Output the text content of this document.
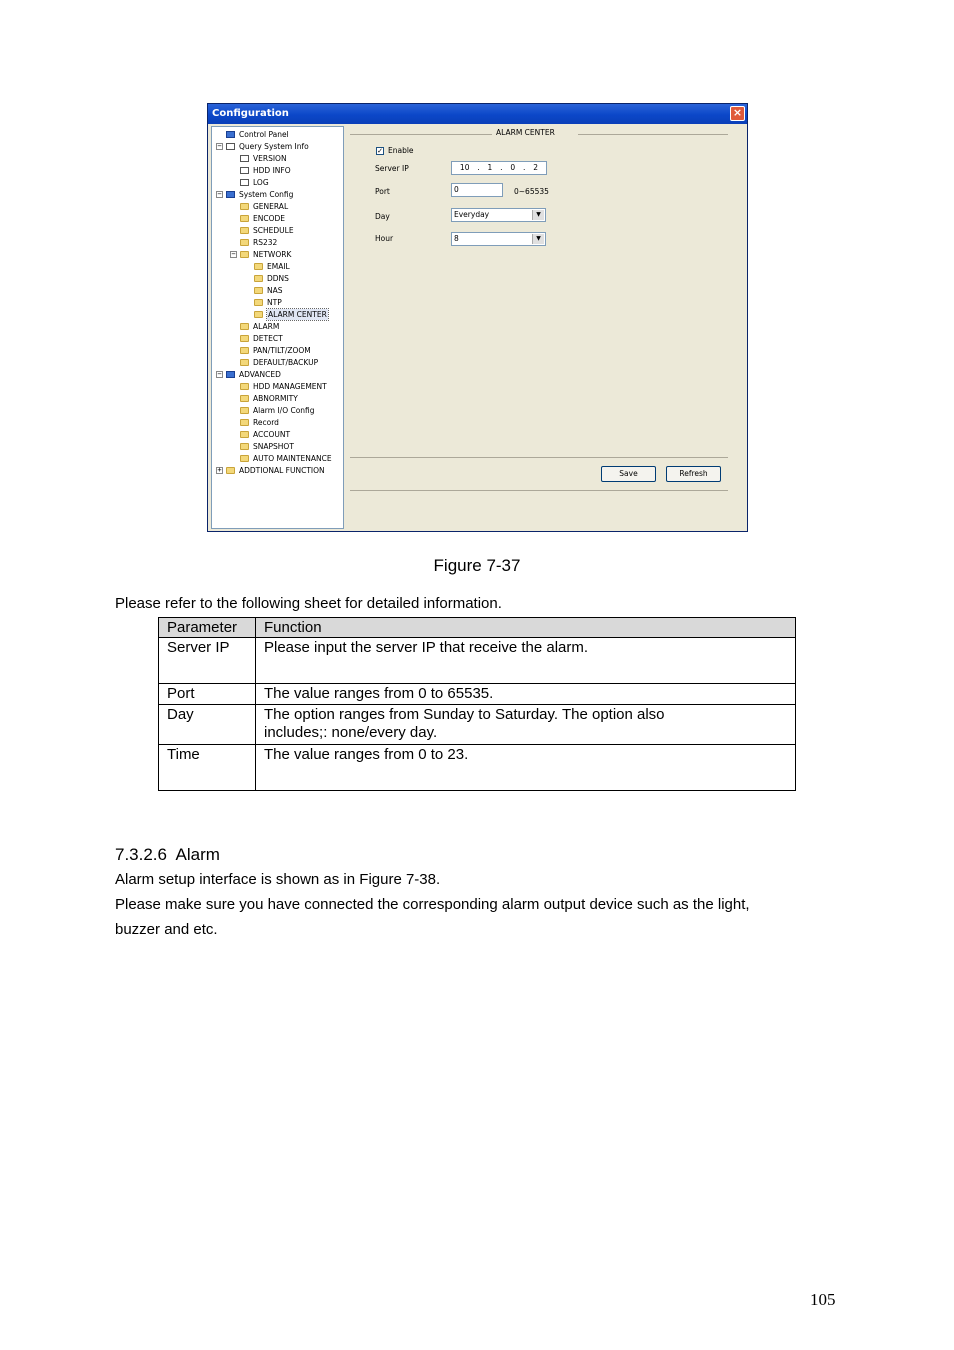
Configuration	×
Control Panel
− Query System Info
VERSION
HDD INFO
LOG
− System Config
GENERAL
ENCODE
SCHEDULE
RS232
− NETWORK
EMAIL
DDNS
NAS
NTP
ALARM CENTER
ALARM
DETECT
PAN/TILT/ZOOM
DEFAULT/BACKUP
− ADVANCED
HDD MANAGEMENT
ABNORMITY
Alarm I/O Config
Record
ACCOUNT
SNAPSHOT
AUTO MAINTENANCE
+ ADDTIONAL FUNCTION
ALARM CENTER
✓ Enable
Server IP	10 . 1 . 0 . 2
Port	0	0~65535
Day	Everyday	▼
Hour	8	▼
Save	Refresh
Figure 7-37
Please refer to the following sheet for detailed information.
Parameter	Function
Server IP	Please input the server IP that receive the alarm.
Port	The value ranges from 0 to 65535.
Day	The option ranges from Sunday to Saturday. The option also includes;: none/every day.
Time	The value ranges from 0 to 23.
7.3.2.6  Alarm
Alarm setup interface is shown as in Figure 7-38.
Please make sure you have connected the corresponding alarm output device such as the light,
buzzer and etc.
105
